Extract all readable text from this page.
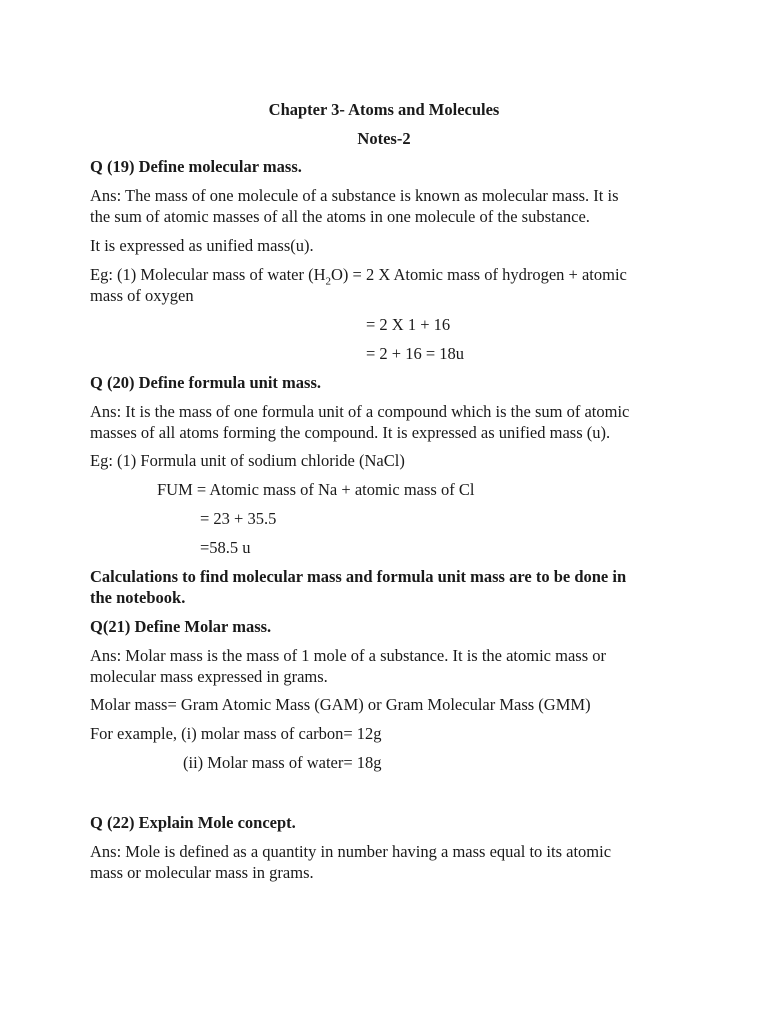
Chapter 3- Atoms and Molecules
Notes-2
Q (19) Define molecular mass.
Ans: The mass of one molecule of a substance is known as molecular mass. It is
the sum of atomic masses of all the atoms in one molecule of the substance.
It is expressed as unified mass(u).
Eg: (1) Molecular mass of water $(H_2O) = 2$ X Atomic mass of hydrogen + atomic
mass of oxygen
= 2 X 1 + 16
= 2 + 16 = 18u
Q (20) Define formula unit mass.
Ans: It is the mass of one formula unit of a compound which is the sum of atomic
masses of all atoms forming the compound. It is expressed as unified mass (u).
Eg: (1) Formula unit of sodium chloride (NaCl)
FUM = Atomic mass of Na + atomic mass of Cl
= 23 + 35.5
=58.5 u
Calculations to find molecular mass and formula unit mass are to be done in
the notebook.
Q(21) Define Molar mass.
Ans: Molar mass is the mass of 1 mole of a substance. It is the atomic mass or
molecular mass expressed in grams.
Molar mass= Gram Atomic Mass (GAM) or Gram Molecular Mass (GMM)
For example, (i) molar mass of carbon= 12g
(ii) Molar mass of water= 18g
Q (22) Explain Mole concept.
Ans: Mole is defined as a quantity in number having a mass equal to its atomic
mass or molecular mass in grams.
